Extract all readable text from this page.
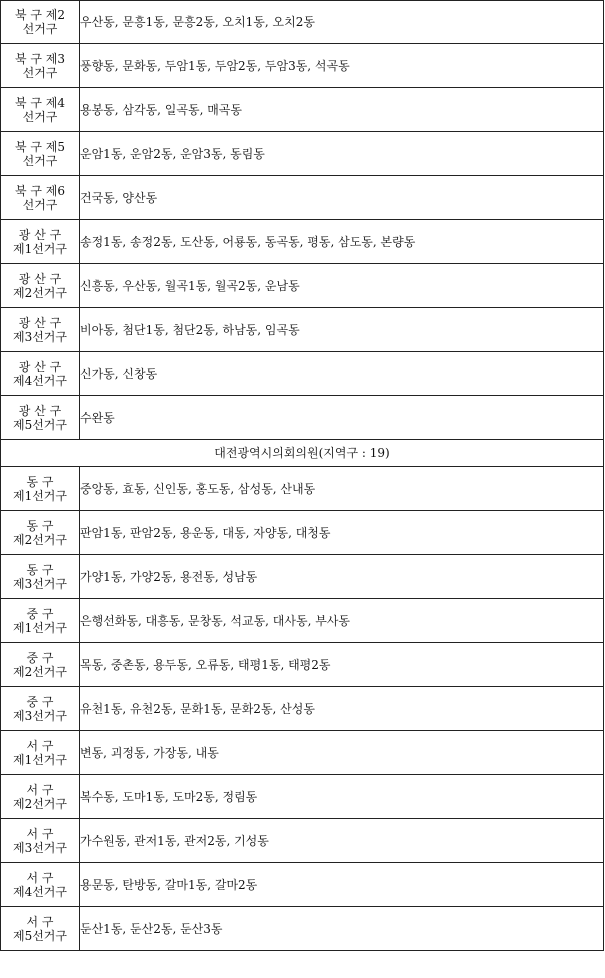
북 구 제2
선거구	우산동, 문흥1동, 문흥2동, 오치1동, 오치2동

북 구 제3
선거구	풍향동, 문화동, 두암1동, 두암2동, 두암3동, 석곡동

북 구 제4
선거구	용봉동, 삼각동, 일곡동, 매곡동

북 구 제5
선거구	운암1동, 운암2동, 운암3동, 동림동

북 구 제6
선거구	건국동, 양산동

광 산 구
제1선거구	송정1동, 송정2동, 도산동, 어룡동, 동곡동, 평동, 삼도동, 본량동

광 산 구
제2선거구	신흥동, 우산동, 월곡1동, 월곡2동, 운남동

광 산 구
제3선거구	비아동, 첨단1동, 첨단2동, 하남동, 임곡동

광 산 구
제4선거구	신가동, 신창동

광 산 구
제5선거구	수완동
대전광역시의회의원(지역구 : 19)	

동 구
제1선거구	중앙동, 효동, 신인동, 홍도동, 삼성동, 산내동

동 구
제2선거구	판암1동, 판암2동, 용운동, 대동, 자양동, 대청동

동 구
제3선거구	가양1동, 가양2동, 용전동, 성남동

중 구
제1선거구	은행선화동, 대흥동, 문창동, 석교동, 대사동, 부사동

중 구
제2선거구	목동, 중촌동, 용두동, 오류동, 태평1동, 태평2동

중 구
제3선거구	유천1동, 유천2동, 문화1동, 문화2동, 산성동

서 구
제1선거구	변동, 괴정동, 가장동, 내동

서 구
제2선거구	복수동, 도마1동, 도마2동, 정림동

서 구
제3선거구	가수원동, 관저1동, 관저2동, 기성동

서 구
제4선거구	용문동, 탄방동, 갈마1동, 갈마2동

서 구
제5선거구	둔산1동, 둔산2동, 둔산3동
